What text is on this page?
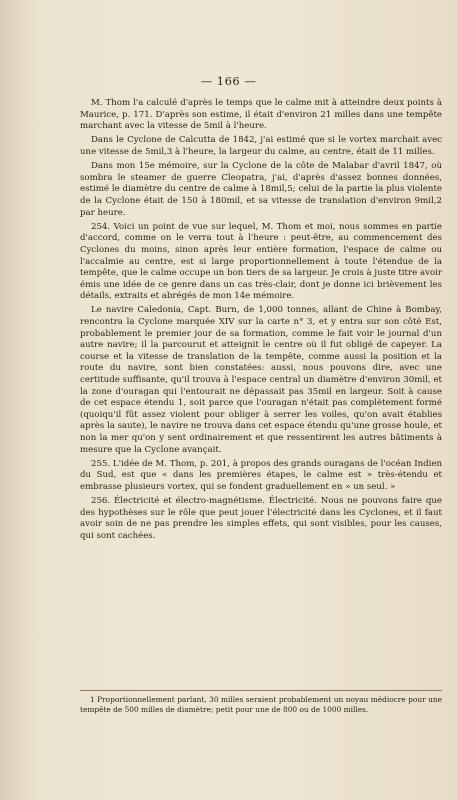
— 166 —

M. Thom l'a calculé d'après le temps que le calme mit à atteindre deux points à Maurice, p. 171. D'après son estime, il était d'environ 21 milles dans une tempête marchant avec la vitesse de 5mil à l'heure.

Dans le Cyclone de Calcutta de 1842, j'ai estimé que si le vortex marchait avec une vitesse de 5mil,3 à l'heure, la largeur du calme, au centre, était de 11 milles.

Dans mon 15e mémoire, sur la Cyclone de la côte de Malabar d'avril 1847, où sombra le steamer de guerre Cleopatra, j'ai, d'après d'assez bonnes données, estimé le diamètre du centre de calme à 18mil,5; celui de la partie la plus violente de la Cyclone était de 150 à 180mil, et sa vitesse de translation d'environ 9mil,2 par heure.

254. Voici un point de vue sur lequel, M. Thom et moi, nous sommes en partie d'accord, comme on le verra tout à l'heure : peut-être, au commencement des Cyclones du moins, sinon après leur entière formation, l'espace de calme ou l'accalmie au centre, est si large proportionnellement à toute l'étendue de la tempête, que le calme occupe un bon tiers de sa largeur. Je crois à juste titre avoir émis une idée de ce genre dans un cas très-clair, dont je donne ici brièvement les détails, extraits et abrégés de mon 14e mémoire.

Le navire Caledonia, Capt. Burn, de 1,000 tonnes, allant de Chine à Bombay, rencontra la Cyclone marquée XIV sur la carte n° 3, et y entra sur son côté Est, probablement le premier jour de sa formation, comme le fait voir le journal d'un autre navire; il la parcourut et atteignit le centre où il fut obligé de capeyer. La course et la vitesse de translation de la tempête, comme aussi la position et la route du navire, sont bien constatées: aussi, nous pouvons dire, avec une certitude suffisante, qu'il trouva à l'espace central un diamètre d'environ 30mil, et la zone d'ouragan qui l'entourait ne dépassait pas 35mil en largeur. Soit à cause de cet espace étendu 1, soit parce que l'ouragan n'était pas complètement formé (quoiqu'il fût assez violent pour obliger à serrer les voiles, qu'on avait établies après la saute), le navire ne trouva dans cet espace étendu qu'une grosse houle, et non la mer qu'on y sent ordinairement et que ressentirent les autres bâtiments à mesure que la Cyclone avançait.

255. L'idée de M. Thom, p. 201, à propos des grands ouragans de l'océan Indien du Sud, est que « dans les premières étapes, le calme est » très-étendu et embrasse plusieurs vortex, qui se fondent graduellement en » un seul. »

256. Électricité et électro-magnétisme. Électricité. Nous ne pouvons faire que des hypothèses sur le rôle que peut jouer l'électricité dans les Cyclones, et il faut avoir soin de ne pas prendre les simples effets, qui sont visibles, pour les causes, qui sont cachées.

1 Proportionnellement parlant, 30 milles seraient probablement un noyau médiocre pour une tempête de 500 milles de diamètre; petit pour une de 800 ou de 1000 milles.
